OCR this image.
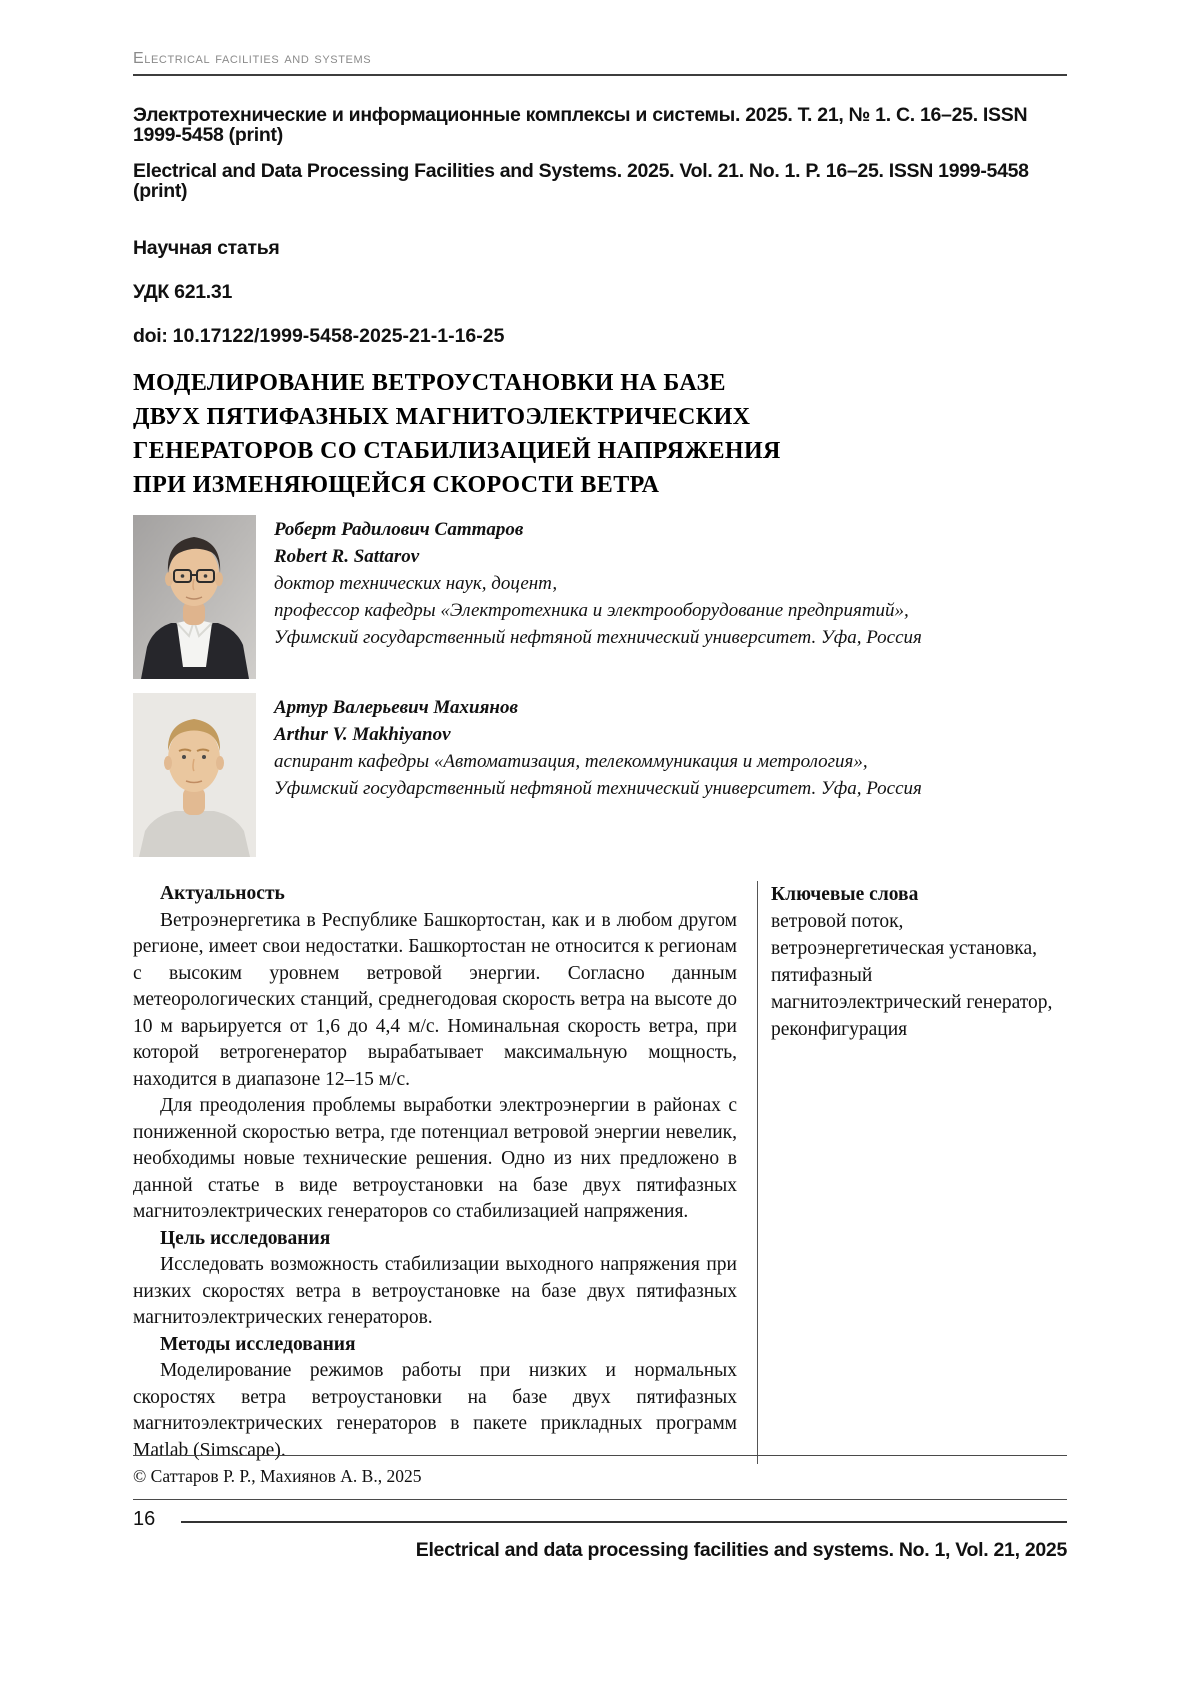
Electrical facilities and systems
Электротехнические и информационные комплексы и системы. 2025. Т. 21, № 1. С. 16–25. ISSN 1999-5458 (print)
Electrical and Data Processing Facilities and Systems. 2025. Vol. 21. No. 1. P. 16–25. ISSN 1999-5458 (print)
Научная статья
УДК 621.31
doi: 10.17122/1999-5458-2025-21-1-16-25
МОДЕЛИРОВАНИЕ ВЕТРОУСТАНОВКИ НА БАЗЕ
ДВУХ ПЯТИФАЗНЫХ МАГНИТОЭЛЕКТРИЧЕСКИХ
ГЕНЕРАТОРОВ СО СТАБИЛИЗАЦИЕЙ НАПРЯЖЕНИЯ
ПРИ ИЗМЕНЯЮЩЕЙСЯ СКОРОСТИ ВЕТРА
Роберт Радилович Саттаров
Robert R. Sattarov
доктор технических наук, доцент,
профессор кафедры «Электротехника и электрооборудование предприятий»,
Уфимский государственный нефтяной технический университет. Уфа, Россия
Артур Валерьевич Махиянов
Arthur V. Makhiyanov
аспирант кафедры «Автоматизация, телекоммуникация и метрология»,
Уфимский государственный нефтяной технический университет. Уфа, Россия
Актуальность

Ветроэнергетика в Республике Башкортостан, как и в любом другом регионе, имеет свои недостатки. Башкортостан не относится к регионам с высоким уровнем ветровой энергии. Согласно данным метеорологических станций, среднегодовая скорость ветра на высоте до 10 м варьируется от 1,6 до 4,4 м/с. Номинальная скорость ветра, при которой ветрогенератор вырабатывает максимальную мощность, находится в диапазоне 12–15 м/с.

Для преодоления проблемы выработки электроэнергии в районах с пониженной скоростью ветра, где потенциал ветровой энергии невелик, необходимы новые технические решения. Одно из них предложено в данной статье в виде ветроустановки на базе двух пятифазных магнитоэлектрических генераторов со стабилизацией напряжения.

Цель исследования

Исследовать возможность стабилизации выходного напряжения при низких скоростях ветра в ветроустановке на базе двух пятифазных магнитоэлектрических генераторов.

Методы исследования

Моделирование режимов работы при низких и нормальных скоростях ветра ветроустановки на базе двух пятифазных магнитоэлектрических генераторов в пакете прикладных программ Matlab (Simscape).

Ключевые слова
ветровой поток, ветроэнергетическая установка, пятифазный магнитоэлектрический генератор, реконфигурация
© Саттаров Р. Р., Махиянов А. В., 2025
16
Electrical and data processing facilities and systems. No. 1, Vol. 21, 2025
